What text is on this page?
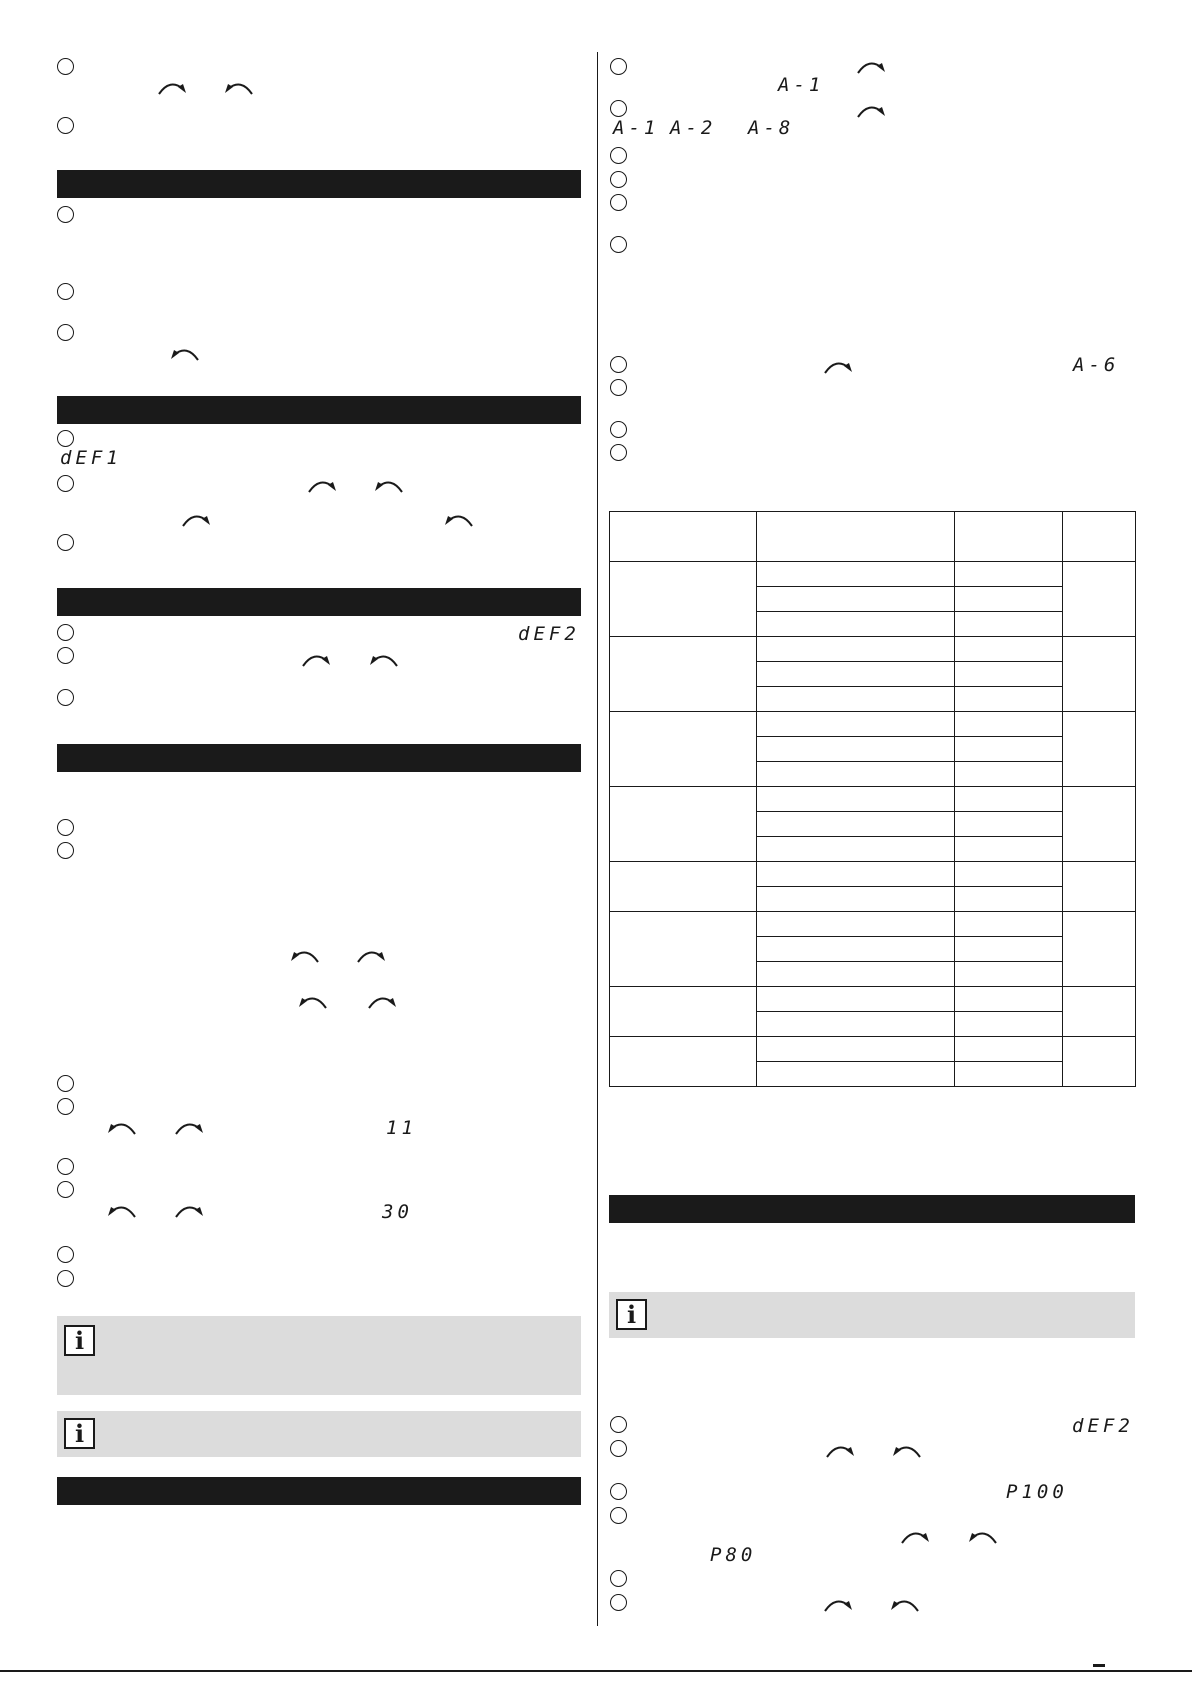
dEF1
dEF2
11
30
i
i
A-1
A-1 A-2 A-8
A-6

i
dEF2
P100
P80
